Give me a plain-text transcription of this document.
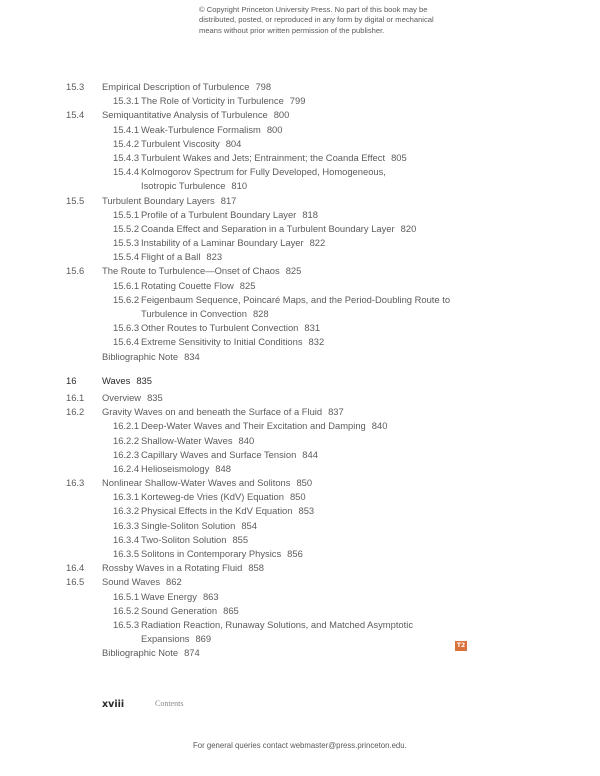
© Copyright Princeton University Press. No part of this book may be
distributed, posted, or reproduced in any form by digital or mechanical
means without prior written permission of the publisher.
15.3 Empirical Description of Turbulence 798
15.3.1 The Role of Vorticity in Turbulence 799
15.4 Semiquantitative Analysis of Turbulence 800
15.4.1 Weak-Turbulence Formalism 800
15.4.2 Turbulent Viscosity 804
15.4.3 Turbulent Wakes and Jets; Entrainment; the Coanda Effect 805
15.4.4 Kolmogorov Spectrum for Fully Developed, Homogeneous,
Isotropic Turbulence 810
15.5 Turbulent Boundary Layers 817
15.5.1 Profile of a Turbulent Boundary Layer 818
15.5.2 Coanda Effect and Separation in a Turbulent Boundary Layer 820
15.5.3 Instability of a Laminar Boundary Layer 822
15.5.4 Flight of a Ball 823
15.6 The Route to Turbulence—Onset of Chaos 825
15.6.1 Rotating Couette Flow 825
15.6.2 Feigenbaum Sequence, Poincaré Maps, and the Period-Doubling Route to
Turbulence in Convection 828
15.6.3 Other Routes to Turbulent Convection 831
15.6.4 Extreme Sensitivity to Initial Conditions 832
Bibliographic Note 834
16	Waves 835
16.1 Overview 835
16.2 Gravity Waves on and beneath the Surface of a Fluid 837
16.2.1 Deep-Water Waves and Their Excitation and Damping 840
16.2.2 Shallow-Water Waves 840
16.2.3 Capillary Waves and Surface Tension 844
16.2.4 Helioseismology 848
16.3 Nonlinear Shallow-Water Waves and Solitons 850
16.3.1 Korteweg-de Vries (KdV) Equation 850
16.3.2 Physical Effects in the KdV Equation 853
16.3.3 Single-Soliton Solution 854
16.3.4 Two-Soliton Solution 855
16.3.5 Solitons in Contemporary Physics 856
16.4 Rossby Waves in a Rotating Fluid 858
16.5 Sound Waves 862
16.5.1 Wave Energy 863
16.5.2 Sound Generation 865
16.5.3 Radiation Reaction, Runaway Solutions, and Matched Asymptotic
Expansions 869
Bibliographic Note 874
T2
xviii	Contents
For general queries contact webmaster@press.princeton.edu.
